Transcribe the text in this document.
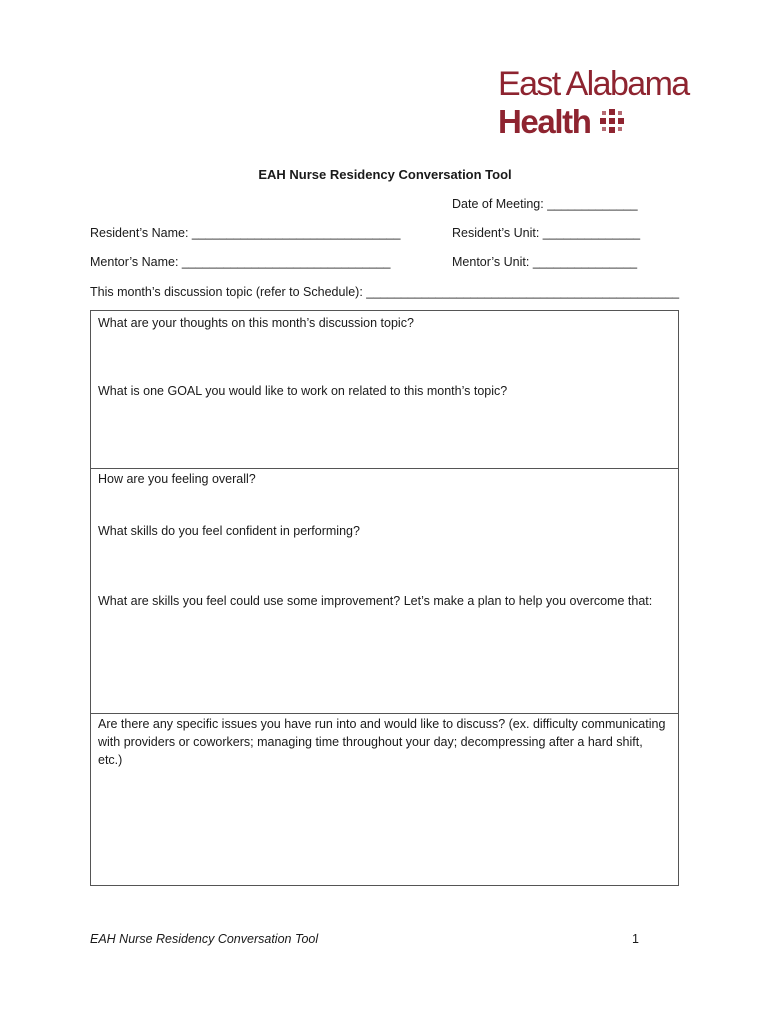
East Alabama
Health
EAH Nurse Residency Conversation Tool
Date of Meeting: _____________
Resident’s Name: ______________________________	Resident’s Unit: ______________
Mentor’s Name: ______________________________	Mentor’s Unit: _______________
This month’s discussion topic (refer to Schedule): _____________________________________________
What are your thoughts on this month’s discussion topic?
What is one GOAL you would like to work on related to this month’s topic?
How are you feeling overall?
What skills do you feel confident in performing?
What are skills you feel could use some improvement? Let’s make a plan to help you overcome that:
Are there any specific issues you have run into and would like to discuss? (ex. difficulty communicating with providers or coworkers; managing time throughout your day; decompressing after a hard shift, etc.)
EAH Nurse Residency Conversation Tool	1
